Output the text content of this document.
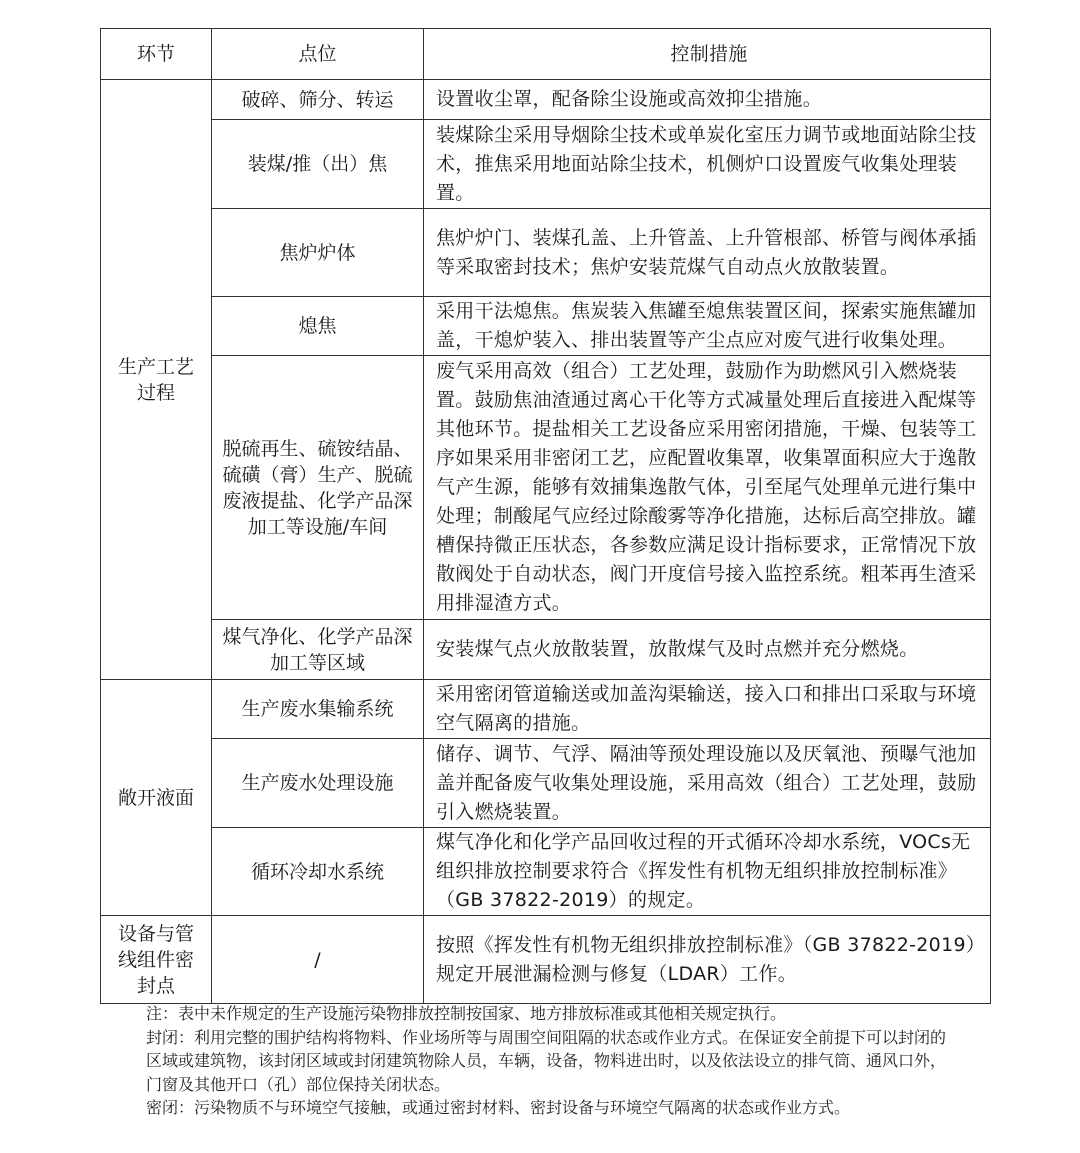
环节	点位	控制措施

生产工艺过程	破碎、筛分、转运	设置收尘罩，配备除尘设施或高效抑尘措施。
	装煤/推（出）焦	装煤除尘采用导烟除尘技术或单炭化室压力调节或地面站除尘技术，推焦采用地面站除尘技术，机侧炉口设置废气收集处理装置。
	焦炉炉体	焦炉炉门、装煤孔盖、上升管盖、上升管根部、桥管与阀体承插等采取密封技术；焦炉安装荒煤气自动点火放散装置。
	熄焦	采用干法熄焦。焦炭装入焦罐至熄焦装置区间，探索实施焦罐加盖，干熄炉装入、排出装置等产尘点应对废气进行收集处理。
	脱硫再生、硫铵结晶、硫磺（膏）生产、脱硫废液提盐、化学产品深加工等设施/车间	废气采用高效（组合）工艺处理，鼓励作为助燃风引入燃烧装置。鼓励焦油渣通过离心干化等方式减量处理后直接进入配煤等其他环节。提盐相关工艺设备应采用密闭措施，干燥、包装等工序如果采用非密闭工艺，应配置收集罩，收集罩面积应大于逸散气产生源，能够有效捕集逸散气体，引至尾气处理单元进行集中处理；制酸尾气应经过除酸雾等净化措施，达标后高空排放。罐槽保持微正压状态，各参数应满足设计指标要求，正常情况下放散阀处于自动状态，阀门开度信号接入监控系统。粗苯再生渣采用排湿渣方式。
	煤气净化、化学产品深加工等区域	安装煤气点火放散装置，放散煤气及时点燃并充分燃烧。
敞开液面	生产废水集输系统	采用密闭管道输送或加盖沟渠输送，接入口和排出口采取与环境空气隔离的措施。
	生产废水处理设施	储存、调节、气浮、隔油等预处理设施以及厌氧池、预曝气池加盖并配备废气收集处理设施，采用高效（组合）工艺处理，鼓励引入燃烧装置。
	循环冷却水系统	煤气净化和化学产品回收过程的开式循环冷却水系统，VOCs无组织排放控制要求符合《挥发性有机物无组织排放控制标准》（GB 37822-2019）的规定。

设备与管线组件密封点	/	按照《挥发性有机物无组织排放控制标准》（GB 37822-2019）规定开展泄漏检测与修复（LDAR）工作。

注：表中未作规定的生产设施污染物排放控制按国家、地方排放标准或其他相关规定执行。

封闭：利用完整的围护结构将物料、作业场所等与周围空间阻隔的状态或作业方式。在保证安全前提下可以封闭的区域或建筑物，该封闭区域或封闭建筑物除人员，车辆，设备，物料进出时，以及依法设立的排气筒、通风口外，门窗及其他开口（孔）部位保持关闭状态。

密闭：污染物质不与环境空气接触，或通过密封材料、密封设备与环境空气隔离的状态或作业方式。
